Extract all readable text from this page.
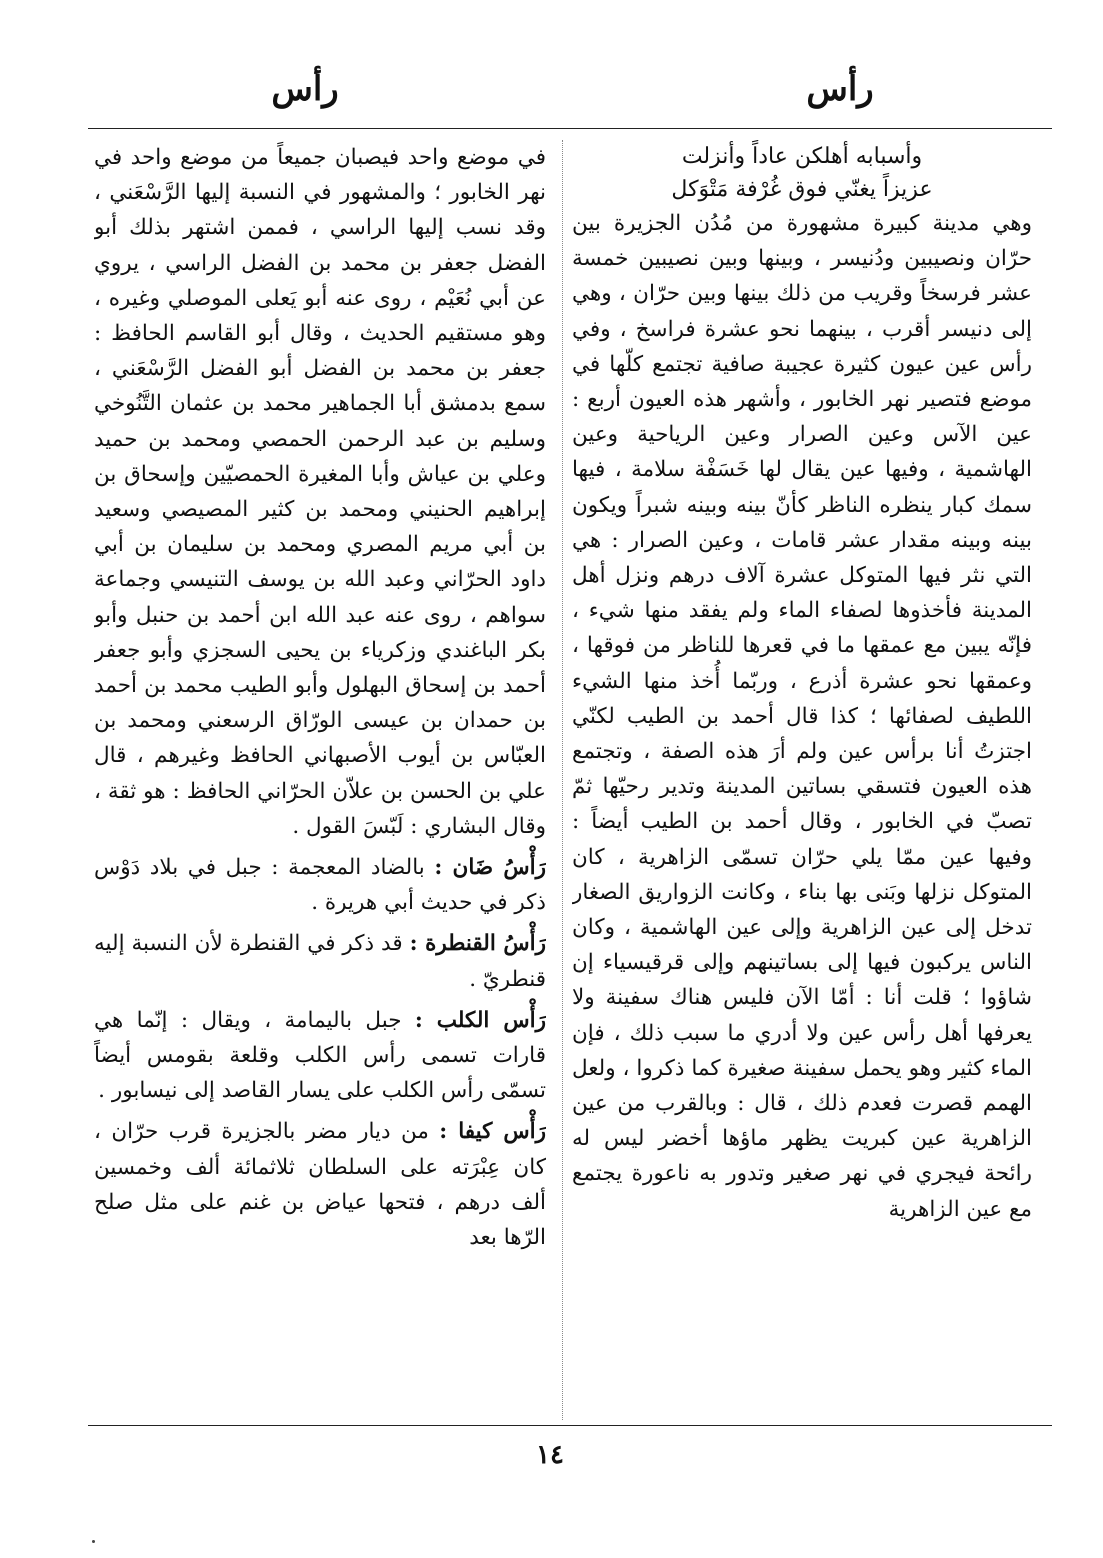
رأس
رأس

وأسبابه أهلكن عاداً وأنزلت

عزيزاً يغنّي فوق غُرْفة مَتْوَكل

وهي مدينة كبيرة مشهورة من مُدُن الجزيرة بين حرّان ونصيبين ودُنيسر ، وبينها وبين نصيبين خمسة عشر فرسخاً وقريب من ذلك بينها وبين حرّان ، وهي إلى دنيسر أقرب ، بينهما نحو عشرة فراسخ ، وفي رأس عين عيون كثيرة عجيبة صافية تجتمع كلّها في موضع فتصير نهر الخابور ، وأشهر هذه العيون أربع : عين الآس وعين الصرار وعين الرياحية وعين الهاشمية ، وفيها عين يقال لها خَسَفْة سلامة ، فيها سمك كبار ينظره الناظر كأنّ بينه وبينه شبراً ويكون بينه وبينه مقدار عشر قامات ، وعين الصرار : هي التي نثر فيها المتوكل عشرة آلاف درهم ونزل أهل المدينة فأخذوها لصفاء الماء ولم يفقد منها شيء ، فإنّه يبين مع عمقها ما في قعرها للناظر من فوقها ، وعمقها نحو عشرة أذرع ، وربّما أُخذ منها الشيء اللطيف لصفائها ؛ كذا قال أحمد بن الطيب لكنّي اجتزتُ أنا برأس عين ولم أرَ هذه الصفة ، وتجتمع هذه العيون فتسقي بساتين المدينة وتدير رحيّها ثمّ تصبّ في الخابور ، وقال أحمد بن الطيب أيضاً : وفيها عين ممّا يلي حرّان تسمّى الزاهرية ، كان المتوكل نزلها وبَنى بها بناء ، وكانت الزواريق الصغار تدخل إلى عين الزاهرية وإلى عين الهاشمية ، وكان الناس يركبون فيها إلى بساتينهم وإلى قرقيسياء إن شاؤوا ؛ قلت أنا : أمّا الآن فليس هناك سفينة ولا يعرفها أهل رأس عين ولا أدري ما سبب ذلك ، فإن الماء كثير وهو يحمل سفينة صغيرة كما ذكروا ، ولعل الهمم قصرت فعدم ذلك ، قال : وبالقرب من عين الزاهرية عين كبريت يظهر ماؤها أخضر ليس له رائحة فيجري في نهر صغير وتدور به ناعورة يجتمع مع عين الزاهرية

في موضع واحد فيصبان جميعاً من موضع واحد في نهر الخابور ؛ والمشهور في النسبة إليها الرَّسْعَني ، وقد نسب إليها الراسي ، فممن اشتهر بذلك أبو الفضل جعفر بن محمد بن الفضل الراسي ، يروي عن أبي نُعَيْم ، روى عنه أبو يَعلى الموصلي وغيره ، وهو مستقيم الحديث ، وقال أبو القاسم الحافظ : جعفر بن محمد بن الفضل أبو الفضل الرَّسْعَني ، سمع بدمشق أبا الجماهير محمد بن عثمان التَّنُوخي وسليم بن عبد الرحمن الحمصي ومحمد بن حميد وعلي بن عياش وأبا المغيرة الحمصيّين وإسحاق بن إبراهيم الحنيني ومحمد بن كثير المصيصي وسعيد بن أبي مريم المصري ومحمد بن سليمان بن أبي داود الحرّاني وعبد الله بن يوسف التنيسي وجماعة سواهم ، روى عنه عبد الله ابن أحمد بن حنبل وأبو بكر الباغندي وزكرياء بن يحيى السجزي وأبو جعفر أحمد بن إسحاق البهلول وأبو الطيب محمد بن أحمد بن حمدان بن عيسى الورّاق الرسعني ومحمد بن العبّاس بن أيوب الأصبهاني الحافظ وغيرهم ، قال علي بن الحسن بن علاّن الحرّاني الحافظ : هو ثقة ، وقال البشاري : لَبّسَ القول .

رَأْسُ ضَان : بالضاد المعجمة : جبل في بلاد دَوْس ذكر في حديث أبي هريرة .

رَأْسُ القنطرة : قد ذكر في القنطرة لأن النسبة إليه قنطريّ .

رَأْس الكلب : جبل باليمامة ، ويقال : إنّما هي قارات تسمى رأس الكلب وقلعة بقومس أيضاً تسمّى رأس الكلب على يسار القاصد إلى نيسابور .

رَأْس كيفا : من ديار مضر بالجزيرة قرب حرّان ، كان عِبْرَته على السلطان ثلاثمائة ألف وخمسين ألف درهم ، فتحها عياض بن غنم على مثل صلح الرّها بعد

١٤
